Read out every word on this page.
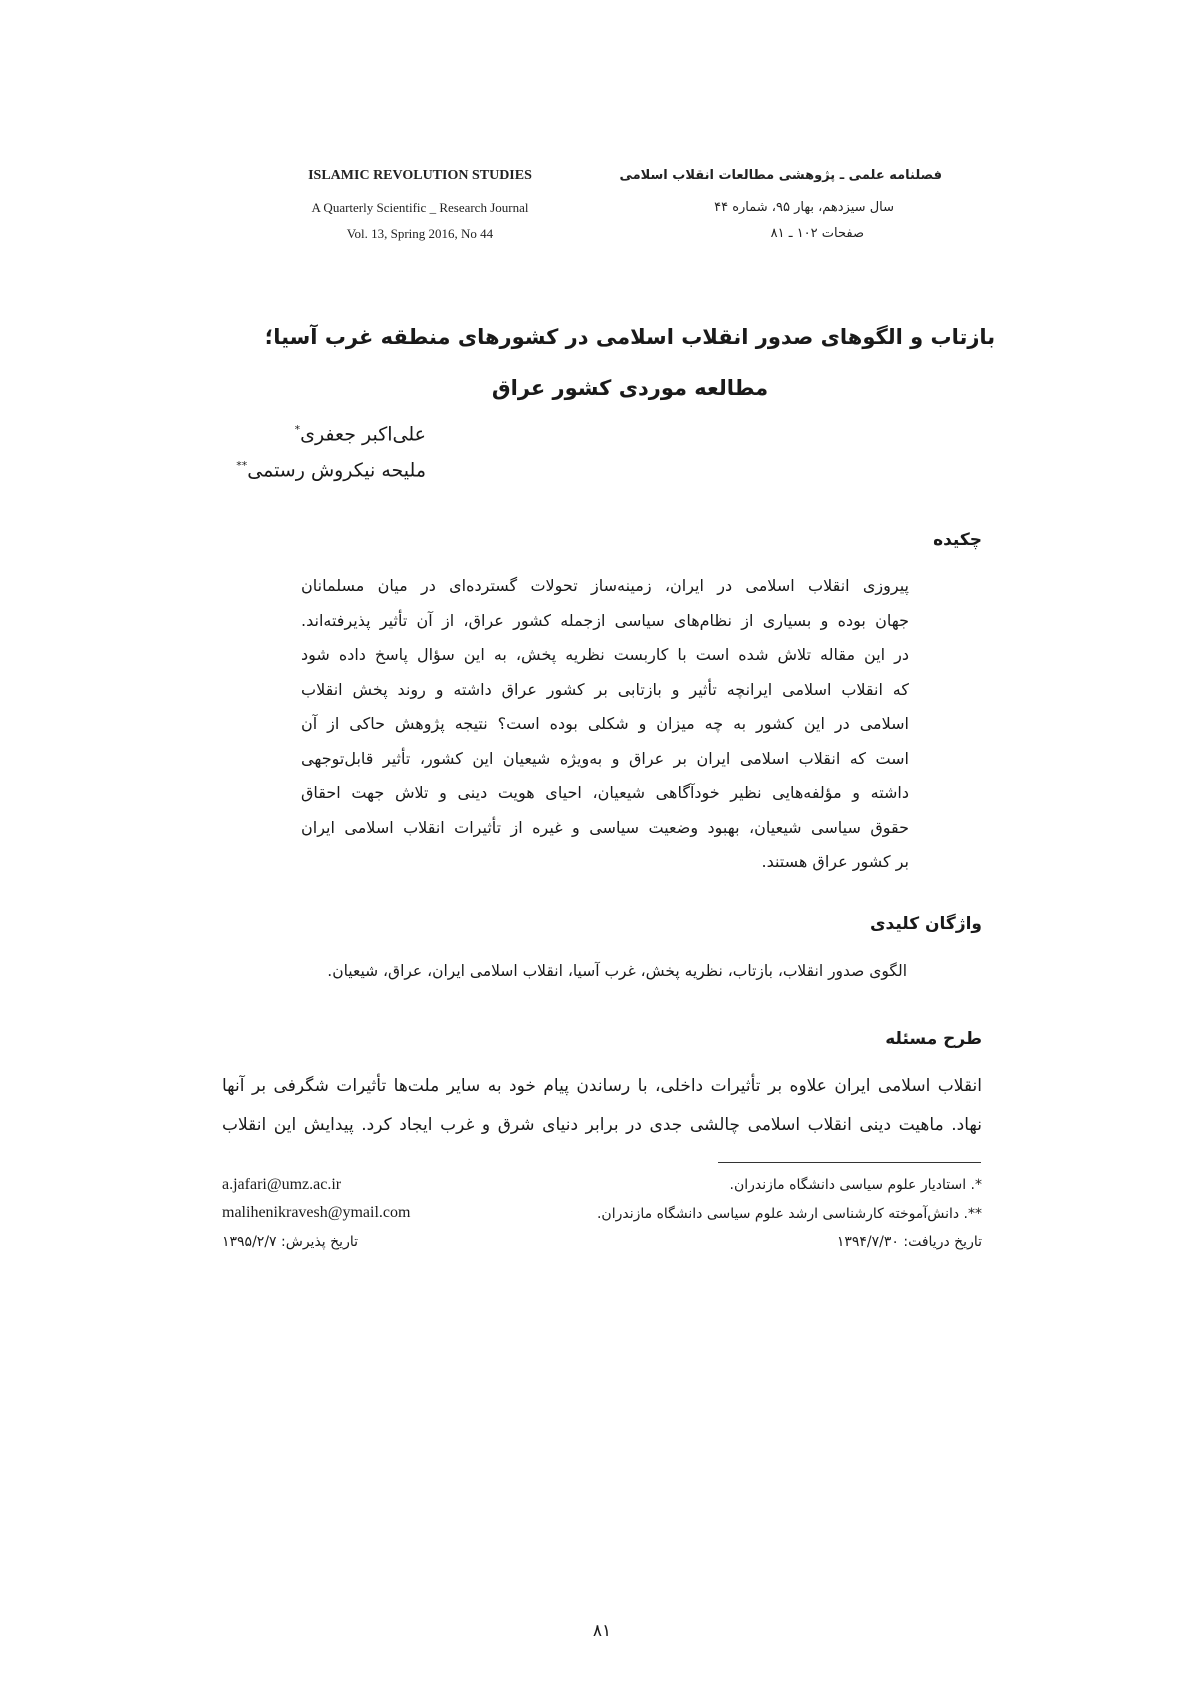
ISLAMIC REVOLUTION STUDIES
A Quarterly Scientific _ Research Journal
Vol. 13, Spring 2016, No 44
فصلنامه علمی ـ پژوهشی مطالعات انقلاب اسلامی
سال سیزدهم، بهار ۹۵، شماره ۴۴
صفحات ۱۰۲ ـ ۸۱
بازتاب و الگوهای صدور انقلاب اسلامی در کشورهای منطقه غرب آسیا؛
مطالعه موردی کشور عراق
علی‌اکبر جعفری*
ملیحه نیکروش رستمی**
چکیده
پیروزی انقلاب اسلامی در ایران، زمینه‌ساز تحولات گسترده‌ای در میان مسلمانان
جهان بوده و بسیاری از نظام‌های سیاسی ازجمله کشور عراق، از آن تأثیر پذیرفته‌اند.
در این مقاله تلاش شده است با کاربست نظریه پخش، به این سؤال پاسخ داده شود
که انقلاب اسلامی ایرانچه تأثیر و بازتابی بر کشور عراق داشته و روند پخش انقلاب
اسلامی در این کشور به چه میزان و شکلی بوده است؟ نتیجه پژوهش حاکی از آن
است که انقلاب اسلامی ایران بر عراق و به‌ویژه شیعیان این کشور، تأثیر قابل‌توجهی
داشته و مؤلفه‌هایی نظیر خودآگاهی شیعیان، احیای هویت دینی و تلاش جهت احقاق
حقوق سیاسی شیعیان، بهبود وضعیت سیاسی و غیره از تأثیرات انقلاب اسلامی ایران
بر کشور عراق هستند.
واژگان کلیدی
الگوی صدور انقلاب، بازتاب، نظریه پخش، غرب آسیا، انقلاب اسلامی ایران، عراق، شیعیان.
طرح مسئله
انقلاب اسلامی ایران علاوه بر تأثیرات داخلی، با رساندن پیام خود به سایر ملت‌ها تأثیرات شگرفی بر آنها
نهاد. ماهیت دینی انقلاب اسلامی چالشی جدی در برابر دنیای شرق و غرب ایجاد کرد. پیدایش این انقلاب
*. استادیار علوم سیاسی دانشگاه مازندران.
a.jafari@umz.ac.ir
**. دانش‌آموخته کارشناسی ارشد علوم سیاسی دانشگاه مازندران.
malihenikravesh@ymail.com
تاریخ دریافت: ۱۳۹۴/۷/۳۰
تاریخ پذیرش: ۱۳۹۵/۲/۷
۸۱
